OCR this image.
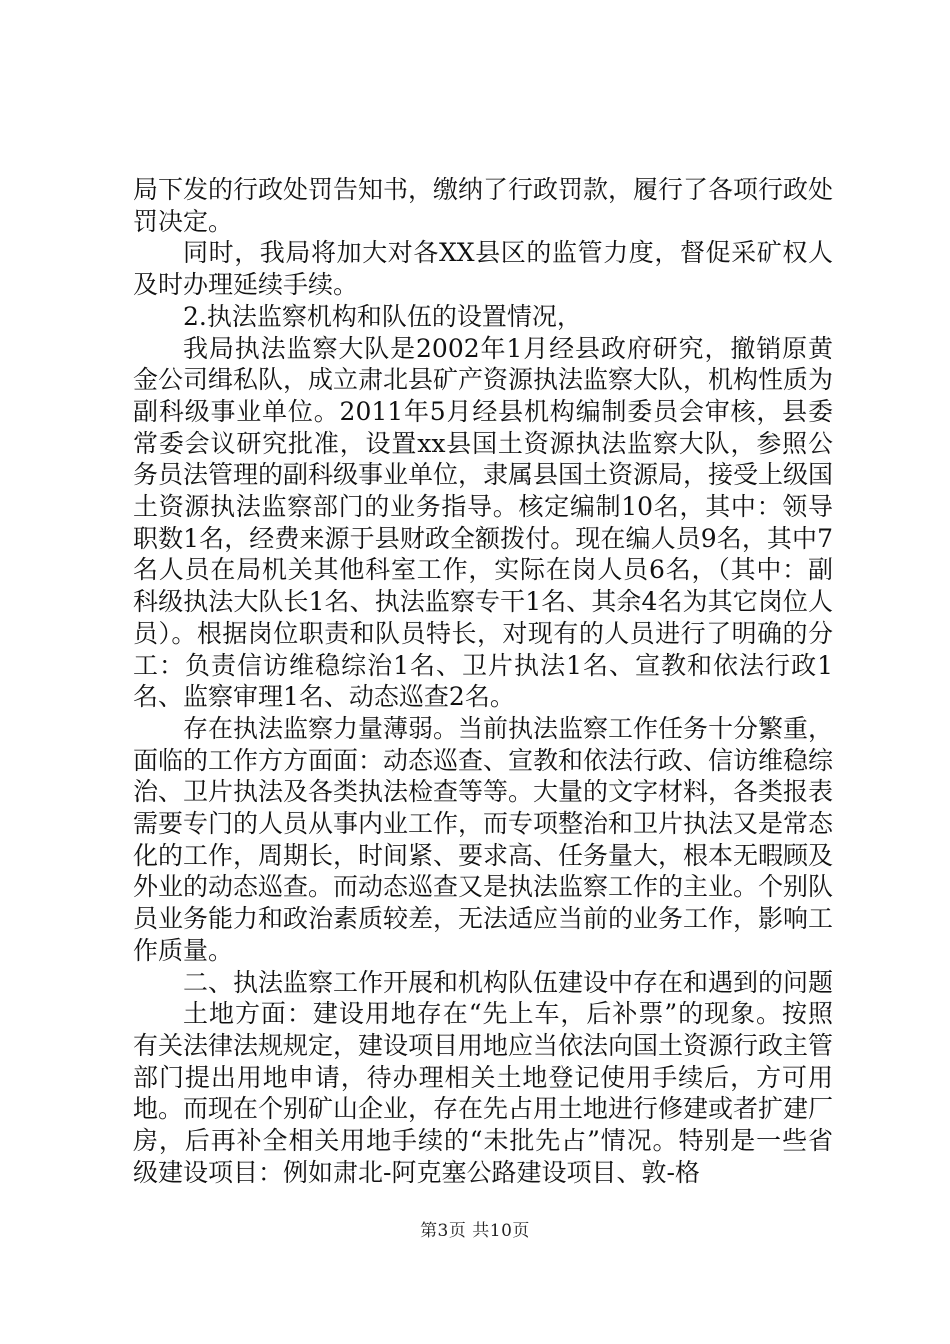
局下发的行政处罚告知书，缴纳了行政罚款，履行了各项行政处罚决定。

同时，我局将加大对各XX县区的监管力度，督促采矿权人及时办理延续手续。

2.执法监察机构和队伍的设置情况，

我局执法监察大队是2002年1月经县政府研究，撤销原黄金公司缉私队，成立肃北县矿产资源执法监察大队，机构性质为副科级事业单位。2011年5月经县机构编制委员会审核，县委常委会议研究批准，设置xx县国土资源执法监察大队，参照公务员法管理的副科级事业单位，隶属县国土资源局，接受上级国土资源执法监察部门的业务指导。核定编制10名，其中：领导职数1名，经费来源于县财政全额拨付。现在编人员9名，其中7名人员在局机关其他科室工作，实际在岗人员6名，（其中：副科级执法大队长1名、执法监察专干1名、其余4名为其它岗位人员）。根据岗位职责和队员特长，对现有的人员进行了明确的分工：负责信访维稳综治1名、卫片执法1名、宣教和依法行政1名、监察审理1名、动态巡查2名。

存在执法监察力量薄弱。当前执法监察工作任务十分繁重，面临的工作方方面面：动态巡查、宣教和依法行政、信访维稳综治、卫片执法及各类执法检查等等。大量的文字材料，各类报表需要专门的人员从事内业工作，而专项整治和卫片执法又是常态化的工作，周期长，时间紧、要求高、任务量大，根本无暇顾及外业的动态巡查。而动态巡查又是执法监察工作的主业。个别队员业务能力和政治素质较差，无法适应当前的业务工作，影响工作质量。

二、执法监察工作开展和机构队伍建设中存在和遇到的问题

土地方面：建设用地存在“先上车，后补票”的现象。按照有关法律法规规定，建设项目用地应当依法向国土资源行政主管部门提出用地申请，待办理相关土地登记使用手续后，方可用地。而现在个别矿山企业，存在先占用土地进行修建或者扩建厂房，后再补全相关用地手续的“未批先占”情况。特别是一些省级建设项目：例如肃北-阿克塞公路建设项目、敦-格

第3页 共10页
